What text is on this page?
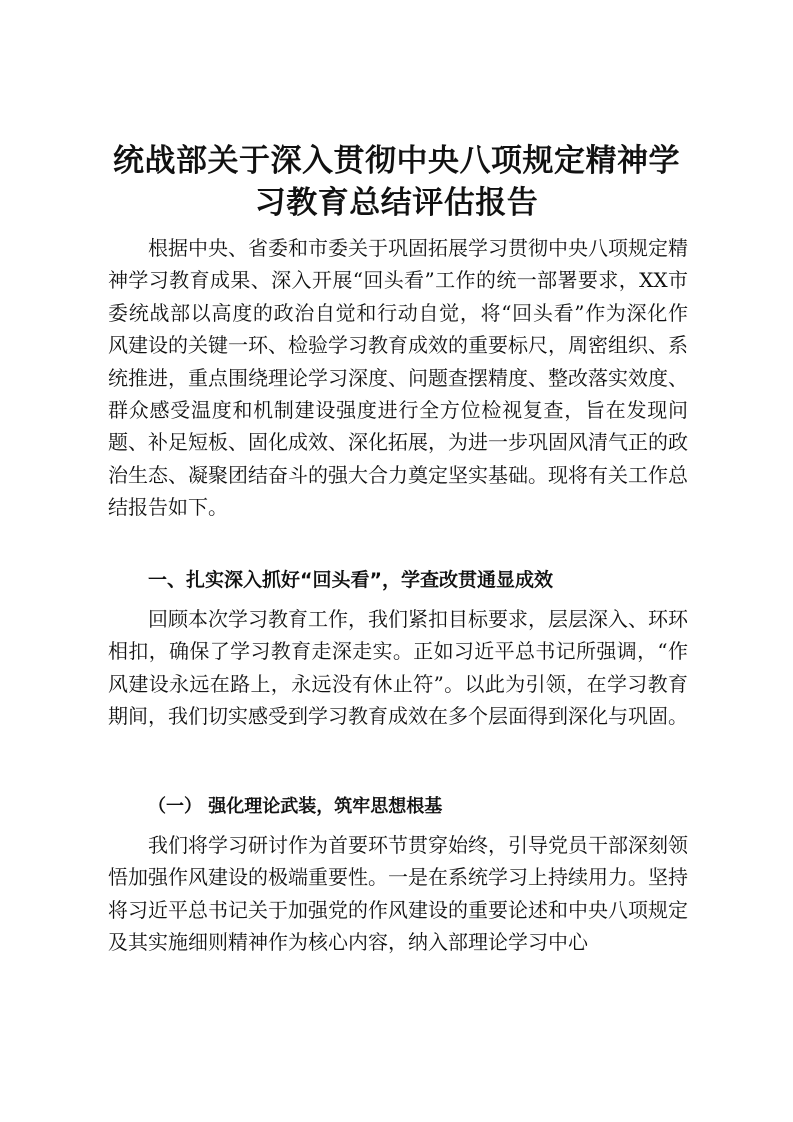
统战部关于深入贯彻中央八项规定精神学习教育总结评估报告

根据中央、省委和市委关于巩固拓展学习贯彻中央八项规定精神学习教育成果、深入开展“回头看”工作的统一部署要求，XX市委统战部以高度的政治自觉和行动自觉，将“回头看”作为深化作风建设的关键一环、检验学习教育成效的重要标尺，周密组织、系统推进，重点围绕理论学习深度、问题查摆精度、整改落实效度、群众感受温度和机制建设强度进行全方位检视复查，旨在发现问题、补足短板、固化成效、深化拓展，为进一步巩固风清气正的政治生态、凝聚团结奋斗的强大合力奠定坚实基础。现将有关工作总结报告如下。

一、扎实深入抓好“回头看”，学查改贯通显成效

回顾本次学习教育工作，我们紧扣目标要求，层层深入、环环相扣，确保了学习教育走深走实。正如习近平总书记所强调，“作风建设永远在路上，永远没有休止符”。以此为引领，在学习教育期间，我们切实感受到学习教育成效在多个层面得到深化与巩固。

（一） 强化理论武装，筑牢思想根基

我们将学习研讨作为首要环节贯穿始终，引导党员干部深刻领悟加强作风建设的极端重要性。一是在系统学习上持续用力。坚持将习近平总书记关于加强党的作风建设的重要论述和中央八项规定及其实施细则精神作为核心内容，纳入部理论学习中心
